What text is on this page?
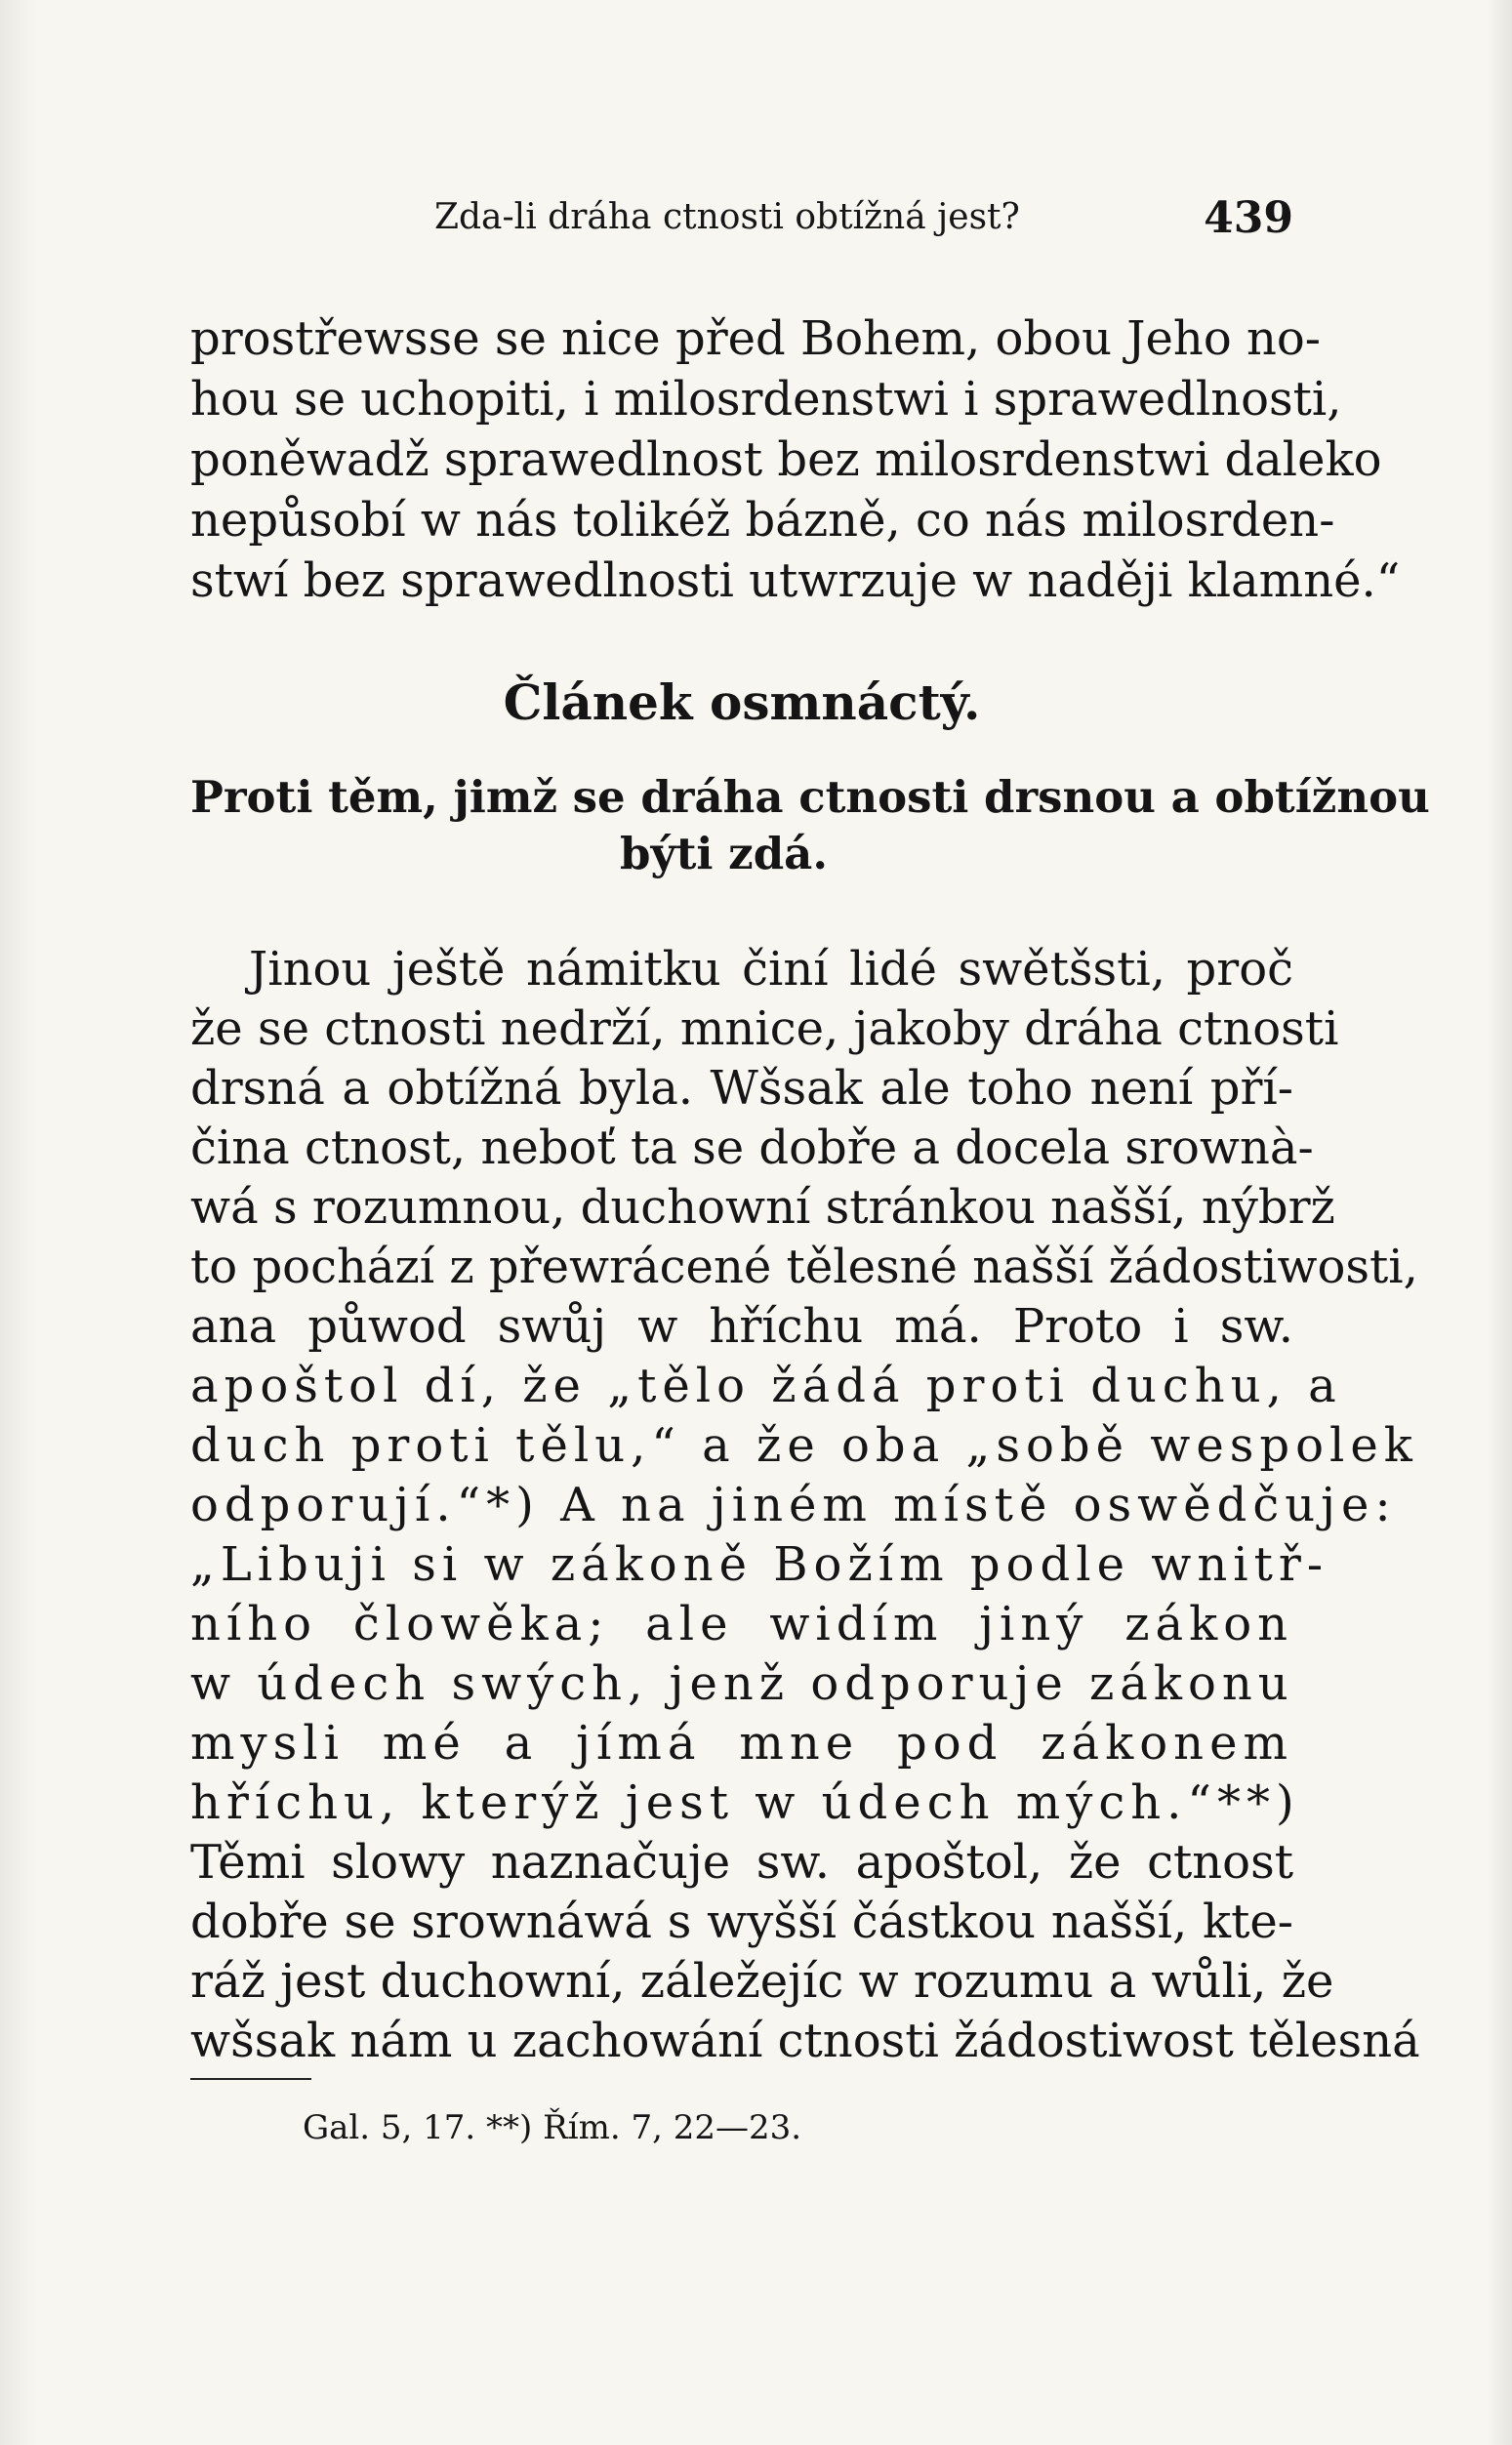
Zda-li dráha ctnosti obtížná jest?	439
prostřewsse se nice před Bohem, obou Jeho no-
hou se uchopiti, i milosrdenstwi i sprawedlnosti,
poněwadž sprawedlnost bez milosrdenstwi daleko
nepůsobí w nás tolikéž bázně, co nás milosrden-
stwí bez sprawedlnosti utwrzuje w naději klamné.“
Článek osmnáctý.
Proti těm, jimž se dráha ctnosti drsnou a obtížnou
býti zdá.
Jinou ještě námitku činí lidé swětšsti, proč
že se ctnosti nedrží, mnice, jakoby dráha ctnosti
drsná a obtížná byla. Wšsak ale toho není pří-
čina ctnost, neboť ta se dobře a docela srownà-
wá s rozumnou, duchowní stránkou našší, nýbrž
to pochází z přewrácené tělesné našší žádostiwosti,
ana půwod swůj w hříchu má. Proto i sw.
apoštol dí, že „tělo žádá proti duchu, a
duch proti tělu,“ a že oba „sobě wespolek
odporují.“*) A na jiném místě oswědčuje:
„Libuji si w zákoně Božím podle wnitř-
ního člowěka; ale widím jiný zákon
w údech swých, jenž odporuje zákonu
mysli mé a jímá mne pod zákonem
hříchu, kterýž jest w údech mých.“**)
Těmi slowy naznačuje sw. apoštol, že ctnost
dobře se srownáwá s wyšší částkou našší, kte-
ráž jest duchowní, záležejíc w rozumu a wůli, že
wšsak nám u zachowání ctnosti žádostiwost tělesná
Gal. 5, 17. **) Řím. 7, 22—23.
